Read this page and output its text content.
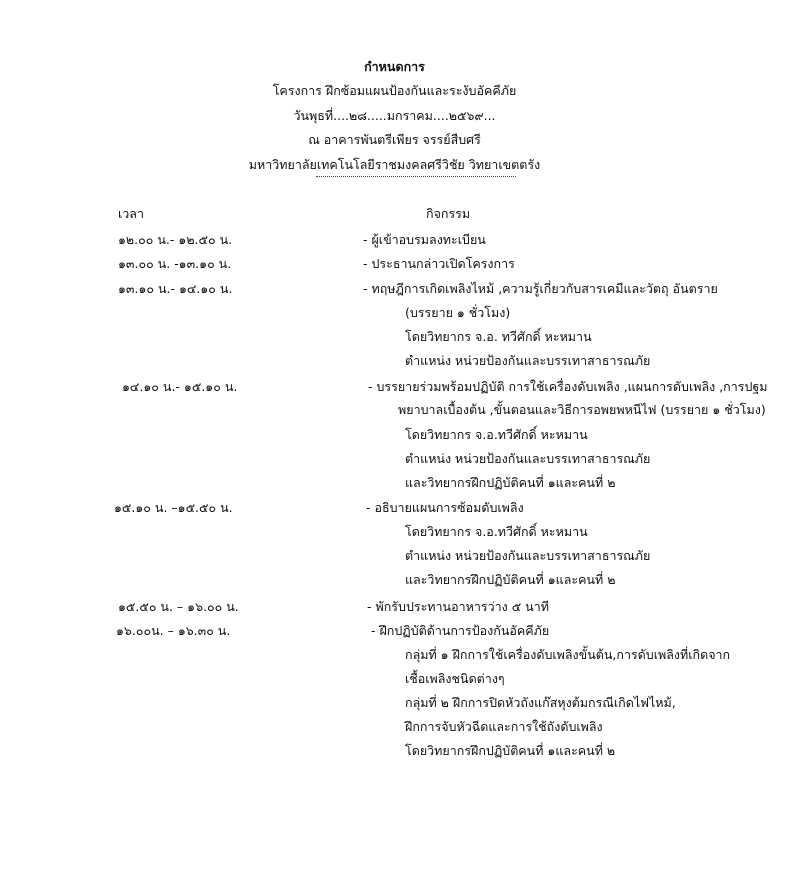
กำหนดการ
โครงการ ฝึกซ้อมแผนป้องกันและระงับอัคคีภัย
วันพุธที่....๒๘.....มกราคม....๒๕๖๙...
ณ อาคารพันตรีเพียร จรรย์สืบศรี
มหาวิทยาลัยเทคโนโลยีราชมงคลศรีวิชัย วิทยาเขตตรัง
เวลา	กิจกรรม
๑๒.๐๐ น.- ๑๒.๕๐ น.	- ผู้เข้าอบรมลงทะเบียน
๑๓.๐๐ น. -๑๓.๑๐ น.	- ประธานกล่าวเปิดโครงการ
๑๓.๑๐ น.- ๑๔.๑๐ น.	- ทฤษฎีการเกิดเพลิงไหม้ ,ความรู้เกี่ยวกับสารเคมีและวัตถุ อันตราย
(บรรยาย ๑ ชั่วโมง)
โดยวิทยากร จ.อ. ทวีศักดิ์ หะหมาน
ตำแหน่ง หน่วยป้องกันและบรรเทาสาธารณภัย
๑๔.๑๐ น.- ๑๕.๑๐ น.	- บรรยายร่วมพร้อมปฏิบัติ การใช้เครื่องดับเพลิง ,แผนการดับเพลิง ,การปฐม
พยาบาลเบื้องต้น ,ขั้นตอนและวิธีการอพยพหนีไฟ (บรรยาย ๑ ชั่วโมง)
โดยวิทยากร จ.อ.ทวีศักดิ์ หะหมาน
ตำแหน่ง หน่วยป้องกันและบรรเทาสาธารณภัย
และวิทยากรฝึกปฏิบัติคนที่ ๑และคนที่ ๒
๑๕.๑๐ น. –๑๕.๕๐ น.	- อธิบายแผนการซ้อมดับเพลิง
โดยวิทยากร จ.อ.ทวีศักดิ์ หะหมาน
ตำแหน่ง หน่วยป้องกันและบรรเทาสาธารณภัย
และวิทยากรฝึกปฏิบัติคนที่ ๑และคนที่ ๒
๑๕.๕๐ น. – ๑๖.๐๐ น.	- พักรับประทานอาหารว่าง ๕ นาที
๑๖.๐๐น. – ๑๖.๓๐ น.	- ฝึกปฏิบัติด้านการป้องกันอัคคีภัย
กลุ่มที่ ๑ ฝึกการใช้เครื่องดับเพลิงขั้นต้น,การดับเพลิงที่เกิดจาก
เชื้อเพลิงชนิดต่างๆ
กลุ่มที่ ๒ ฝึกการปิดหัวถังแก๊สหุงต้มกรณีเกิดไฟไหม้,
ฝึกการจับหัวฉีดและการใช้ถังดับเพลิง
โดยวิทยากรฝึกปฏิบัติคนที่ ๑และคนที่ ๒
